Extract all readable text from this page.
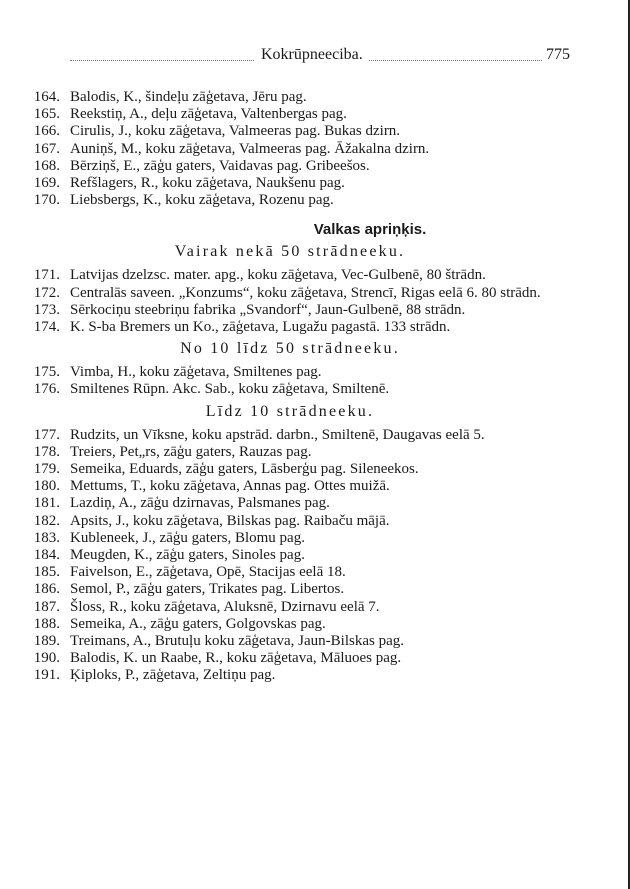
Kokrūpneeciba.	775
164. Balodis, K., šindeļu zāģetava, Jēru pag.
165. Reekstiņ, A., deļu zāģetava, Valtenbergas pag.
166. Cirulis, J., koku zāģetava, Valmeeras pag. Bukas dzirn.
167. Auniņš, M., koku zāģetava, Valmeeras pag. Āžakalna dzirn.
168. Bērziņš, E., zāģu gaters, Vaidavas pag. Gribeešos.
169. Refšlagers, R., koku zāģetava, Naukšenu pag.
170. Liebsbergs, K., koku zāģetava, Rozenu pag.
Valkas apriņķis.
Vairak nekā 50 strādneeku.
171. Latvijas dzelzsc. mater. apg., koku zāģetava, Vec-Gulbenē, 80 štrādn.
172. Centralās saveen. „Konzums“, koku zāģetava, Strencī, Rigas eelā 6. 80 strādn.
173. Sērkociņu steebriņu fabrika „Svandorf“, Jaun-Gulbenē, 88 strādn.
174. K. S-ba Bremers un Ko., zāģetava, Lugažu pagastā. 133 strādn.
No 10 līdz 50 strādneeku.
175. Vimba, H., koku zāģetava, Smiltenes pag.
176. Smiltenes Rūpn. Akc. Sab., koku zāģetava, Smiltenē.
Līdz 10 strādneeku.
177. Rudzits, un Vīksne, koku apstrād. darbn., Smiltenē, Daugavas eelā 5.
178. Treiers, Pet„rs, zāģu gaters, Rauzas pag.
179. Semeika, Eduards, zāģu gaters, Lāsberģu pag. Sileneekos.
180. Mettums, T., koku zāģetava, Annas pag. Ottes muižā.
181. Lazdiņ, A., zāģu dzirnavas, Palsmanes pag.
182. Apsits, J., koku zāģetava, Bilskas pag. Raibaču mājā.
183. Kubleneek, J., zāģu gaters, Blomu pag.
184. Meugden, K., zāģu gaters, Sinoles pag.
185. Faivelson, E., zāģetava, Opē, Stacijas eelā 18.
186. Semol, P., zāģu gaters, Trikates pag. Libertos.
187. Šloss, R., koku zāģetava, Aluksnē, Dzirnavu eelā 7.
188. Semeika, A., zāģu gaters, Golgovskas pag.
189. Treimans, A., Brutuļu koku zāģetava, Jaun-Bilskas pag.
190. Balodis, K. un Raabe, R., koku zāģetava, Māluoes pag.
191. Ķiploks, P., zāģetava, Zeltiņu pag.
